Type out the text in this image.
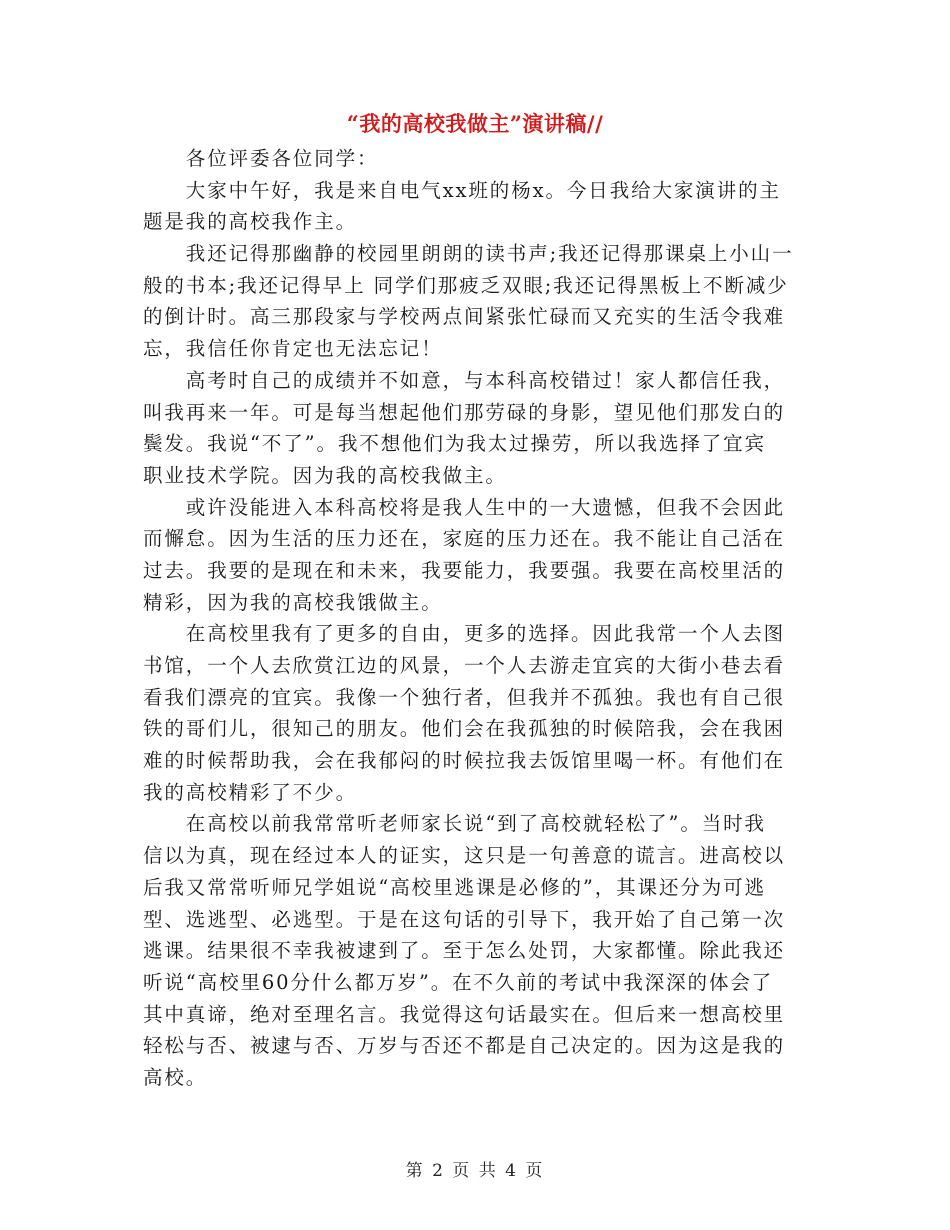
“我的高校我做主”演讲稿//
　　各位评委各位同学：
　　大家中午好，我是来自电气xx班的杨x。今日我给大家演讲的主
题是我的高校我作主。
　　我还记得那幽静的校园里朗朗的读书声;我还记得那课桌上小山一
般的书本;我还记得早上 同学们那疲乏双眼;我还记得黑板上不断减少
的倒计时。高三那段家与学校两点间紧张忙碌而又充实的生活令我难
忘，我信任你肯定也无法忘记！
　　高考时自己的成绩并不如意，与本科高校错过！家人都信任我，
叫我再来一年。可是每当想起他们那劳碌的身影，望见他们那发白的
鬓发。我说“不了”。我不想他们为我太过操劳，所以我选择了宜宾
职业技术学院。因为我的高校我做主。
　　或许没能进入本科高校将是我人生中的一大遗憾，但我不会因此
而懈怠。因为生活的压力还在，家庭的压力还在。我不能让自己活在
过去。我要的是现在和未来，我要能力，我要强。我要在高校里活的
精彩，因为我的高校我饿做主。
　　在高校里我有了更多的自由，更多的选择。因此我常一个人去图
书馆，一个人去欣赏江边的风景，一个人去游走宜宾的大街小巷去看
看我们漂亮的宜宾。我像一个独行者，但我并不孤独。我也有自己很
铁的哥们儿，很知己的朋友。他们会在我孤独的时候陪我，会在我困
难的时候帮助我，会在我郁闷的时候拉我去饭馆里喝一杯。有他们在
我的高校精彩了不少。
　　在高校以前我常常听老师家长说“到了高校就轻松了”。当时我
信以为真，现在经过本人的证实，这只是一句善意的谎言。进高校以
后我又常常听师兄学姐说“高校里逃课是必修的”，其课还分为可逃
型、选逃型、必逃型。于是在这句话的引导下，我开始了自己第一次
逃课。结果很不幸我被逮到了。至于怎么处罚，大家都懂。除此我还
听说“高校里60分什么都万岁”。在不久前的考试中我深深的体会了
其中真谛，绝对至理名言。我觉得这句话最实在。但后来一想高校里
轻松与否、被逮与否、万岁与否还不都是自己决定的。因为这是我的
高校。
第 2 页 共 4 页
